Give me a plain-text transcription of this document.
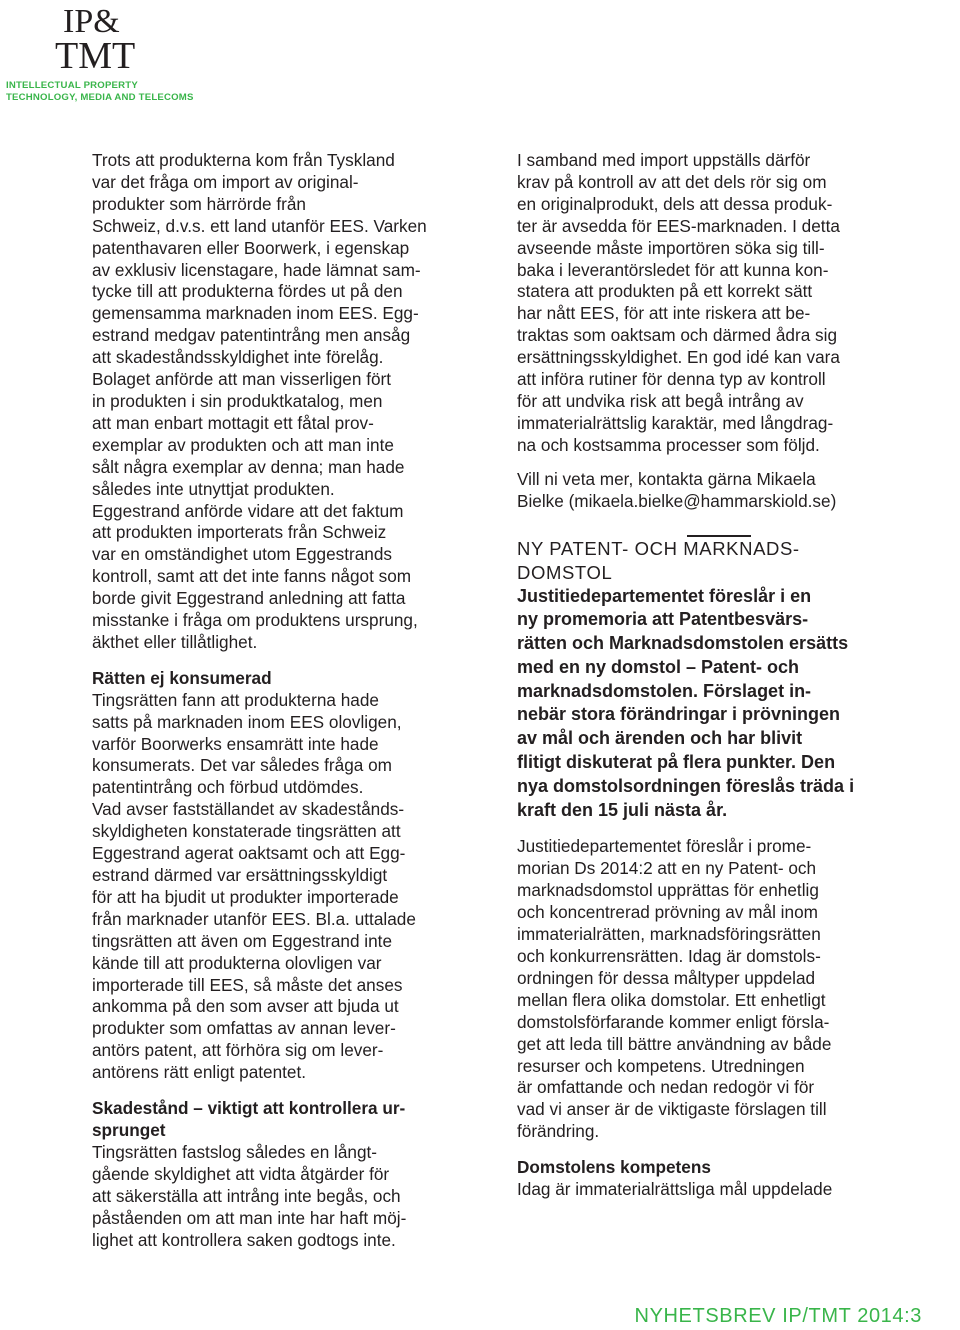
IP&
TMT
INTELLECTUAL PROPERTY
TECHNOLOGY, MEDIA AND TELECOMS

Trots att produkterna kom från Tyskland
var det fråga om import av original-
produkter som härrörde från
Schweiz, d.v.s. ett land utanför EES. Varken
patenthavaren eller Boorwerk, i egenskap
av exklusiv licenstagare, hade lämnat sam-
tycke till att produkterna fördes ut på den
gemensamma marknaden inom EES. Egg-
estrand medgav patentintrång men ansåg
att skadeståndsskyldighet inte förelåg.
Bolaget anförde att man visserligen fört
in produkten i sin produktkatalog, men
att man enbart mottagit ett fåtal prov-
exemplar av produkten och att man inte
sålt några exemplar av denna; man hade
således inte utnyttjat produkten.
Eggestrand anförde vidare att det faktum
att produkten importerats från Schweiz
var en omständighet utom Eggestrands
kontroll, samt att det inte fanns något som
borde givit Eggestrand anledning att fatta
misstanke i fråga om produktens ursprung,
äkthet eller tillåtlighet.

Rätten ej konsumerad

Tingsrätten fann att produkterna hade
satts på marknaden inom EES olovligen,
varför Boorwerks ensamrätt inte hade
konsumerats. Det var således fråga om
patentintrång och förbud utdömdes.
Vad avser fastställandet av skadestånds-
skyldigheten konstaterade tingsrätten att
Eggestrand agerat oaktsamt och att Egg-
estrand därmed var ersättningsskyldigt
för att ha bjudit ut produkter importerade
från marknader utanför EES. Bl.a. uttalade
tingsrätten att även om Eggestrand inte
kände till att produkterna olovligen var
importerade till EES, så måste det anses
ankomma på den som avser att bjuda ut
produkter som omfattas av annan lever-
antörs patent, att förhöra sig om lever-
antörens rätt enligt patentet.

Skadestånd – viktigt att kontrollera ur-
sprunget

Tingsrätten fastslog således en långt-
gående skyldighet att vidta åtgärder för
att säkerställa att intrång inte begås, och
påståenden om att man inte har haft möj-
lighet att kontrollera saken godtogs inte.

I samband med import uppställs därför
krav på kontroll av att det dels rör sig om
en originalprodukt, dels att dessa produk-
ter är avsedda för EES-marknaden. I detta
avseende måste importören söka sig till-
baka i leverantörsledet för att kunna kon-
statera att produkten på ett korrekt sätt
har nått EES, för att inte riskera att be-
traktas som oaktsam och därmed ådra sig
ersättningsskyldighet. En god idé kan vara
att införa rutiner för denna typ av kontroll
för att undvika risk att begå intrång av
immaterialrättslig karaktär, med långdrag-
na och kostsamma processer som följd.

Vill ni veta mer, kontakta gärna Mikaela
Bielke (mikaela.bielke@hammarskiold.se)

NY PATENT- OCH MARKNADS-
DOMSTOL

Justitiedepartementet föreslår i en
ny promemoria att Patentbesvärs-
rätten och Marknadsdomstolen ersätts
med en ny domstol – Patent- och
marknadsdomstolen. Förslaget in-
nebär stora förändringar i prövningen
av mål och ärenden och har blivit
flitigt diskuterat på flera punkter. Den
nya domstolsordningen föreslås träda i
kraft den 15 juli nästa år.

Justitiedepartementet föreslår i prome-
morian Ds 2014:2 att en ny Patent- och
marknadsdomstol upprättas för enhetlig
och koncentrerad prövning av mål inom
immaterialrätten, marknadsföringsrätten
och konkurrensrätten. Idag är domstols-
ordningen för dessa måltyper uppdelad
mellan flera olika domstolar. Ett enhetligt
domstolsförfarande kommer enligt försla-
get att leda till bättre användning av både
resurser och kompetens. Utredningen
är omfattande och nedan redogör vi för
vad vi anser är de viktigaste förslagen till
förändring.

Domstolens kompetens

Idag är immaterialrättsliga mål uppdelade

NYHETSBREV IP/TMT 2014:3
